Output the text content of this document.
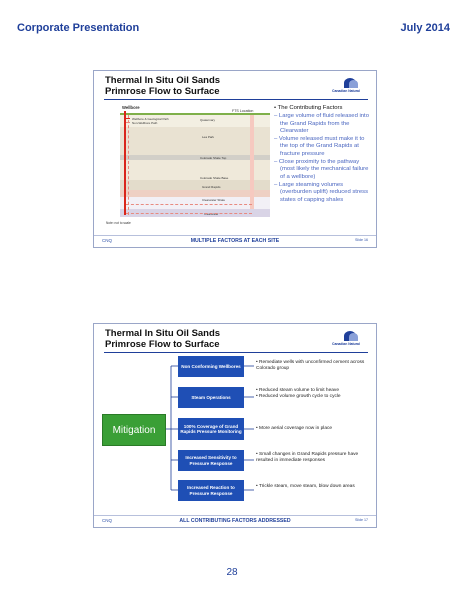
Corporate Presentation	July 2014
Thermal In Situ Oil Sands
Primrose Flow to Surface	Canadian Natural
Wellbore
FTS Location
Quaternary
Lea Park
Colorado Shale Top
Colorado Shale Base
Grand Rapids
Clearwater Shale
Clearwater
Wellbore & Geological Path
Non-Wellbore Path
Note: not to scale
• The Contributing Factors
– Large volume of fluid released into the Grand Rapids from the Clearwater
– Volume released must make it to the top of the Grand Rapids at fracture pressure
– Close proximity to the pathway (most likely the mechanical failure of a wellbore)
– Large steaming volumes (overburden uplift) reduced stress states of capping shales
CNQ	MULTIPLE FACTORS AT EACH SITE	Slide 16
Thermal In Situ Oil Sands
Primrose Flow to Surface	Canadian Natural
Mitigation
Non Conforming Wellbores
Steam Operations
100% Coverage of Grand Rapids Pressure Monitoring
Increased Sensitivity to Pressure Response
Increased Reaction to Pressure Response
• Remediate wells with unconfirmed cement across Colorado group
• Reduced steam volume to limit heave
• Reduced volume growth cycle to cycle
• More aerial coverage now in place
• Small changes in Grand Rapids pressure have resulted in immediate responses
• Trickle steam, move steam, blow down areas
CNQ	ALL CONTRIBUTING FACTORS ADDRESSED	Slide 17
28
